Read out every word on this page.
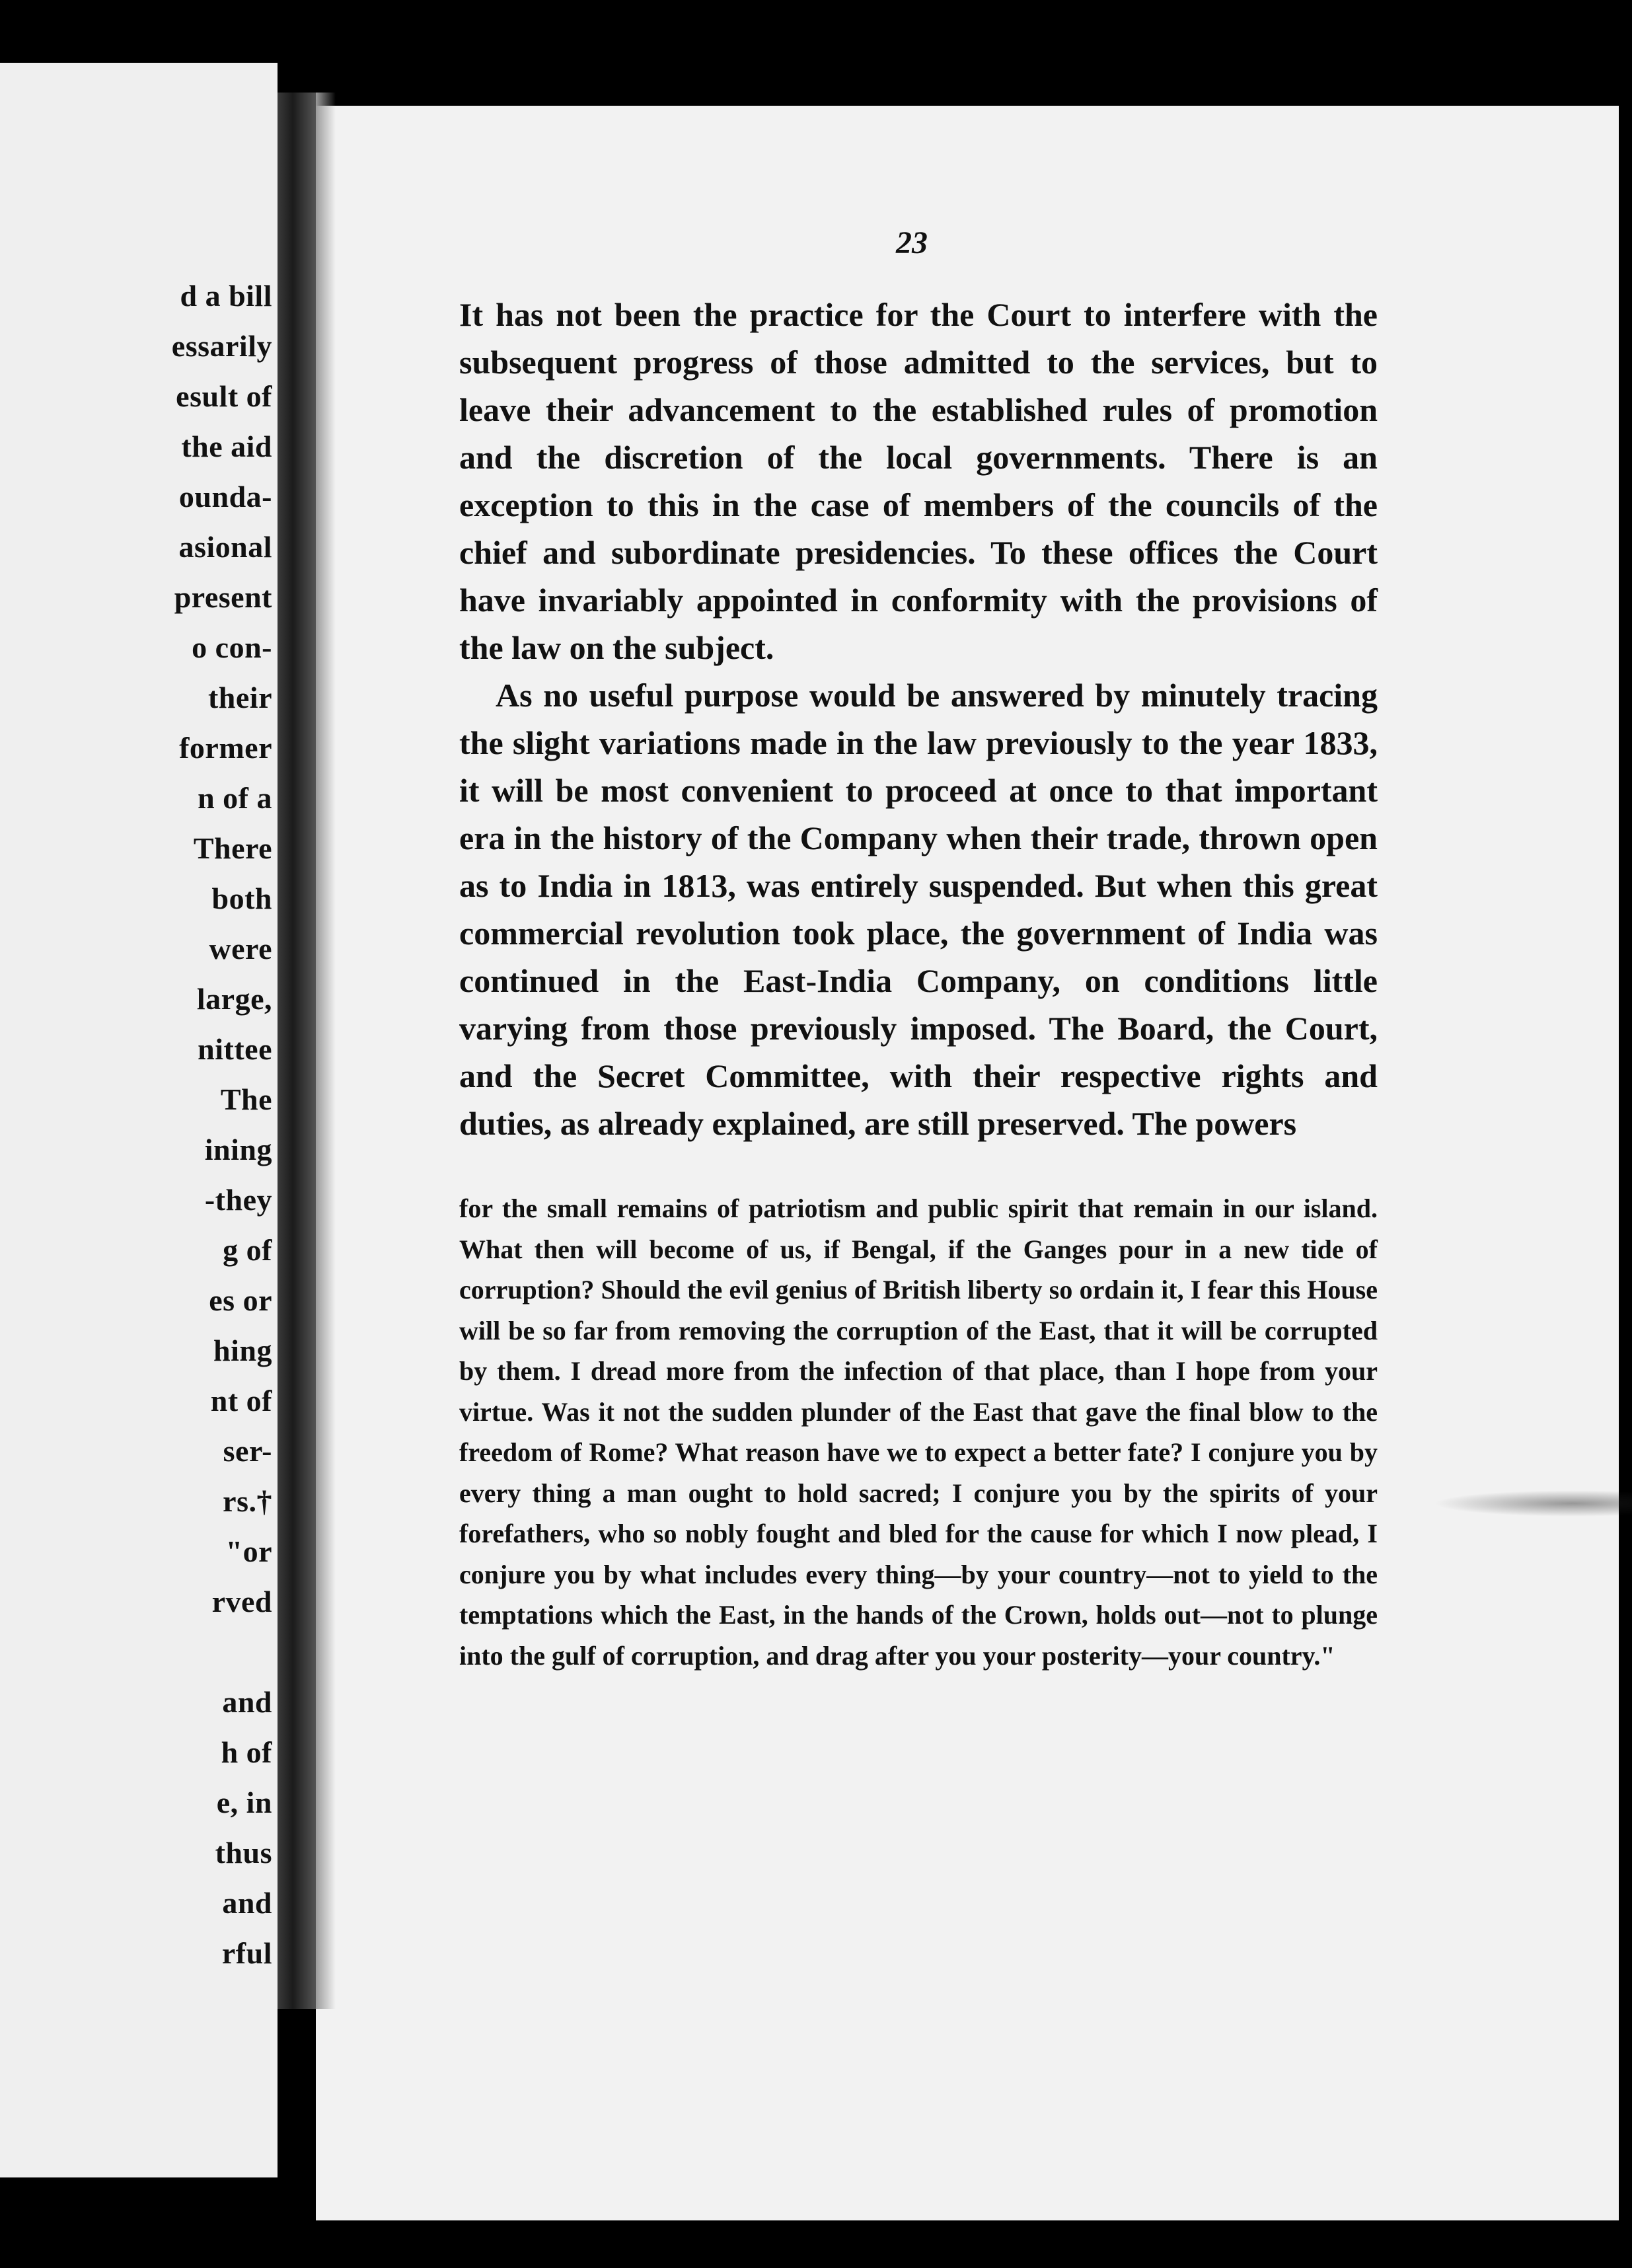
d a bill
essarily
esult of
the aid
ounda-
asional
present
o con-
their
former
n of a
There
both
were
large,
nittee
The
ining
-they
g of
es or
hing
nt of
ser-
rs.†
"or
rved

and
h of
e, in
thus
and
rful
23

It has not been the practice for the Court to interfere with the subsequent progress of those admitted to the services, but to leave their advancement to the established rules of promotion and the discretion of the local governments. There is an exception to this in the case of members of the councils of the chief and subordinate presidencies. To these offices the Court have invariably appointed in conformity with the provisions of the law on the subject.

As no useful purpose would be answered by minutely tracing the slight variations made in the law previously to the year 1833, it will be most convenient to proceed at once to that important era in the history of the Company when their trade, thrown open as to India in 1813, was entirely suspended. But when this great commercial revolution took place, the government of India was continued in the East-India Company, on conditions little varying from those previously imposed. The Board, the Court, and the Secret Committee, with their respective rights and duties, as already explained, are still preserved. The powers

for the small remains of patriotism and public spirit that remain in our island. What then will become of us, if Bengal, if the Ganges pour in a new tide of corruption? Should the evil genius of British liberty so ordain it, I fear this House will be so far from removing the corruption of the East, that it will be corrupted by them. I dread more from the infection of that place, than I hope from your virtue. Was it not the sudden plunder of the East that gave the final blow to the freedom of Rome? What reason have we to expect a better fate? I conjure you by every thing a man ought to hold sacred; I conjure you by the spirits of your forefathers, who so nobly fought and bled for the cause for which I now plead, I conjure you by what includes every thing—by your country—not to yield to the temptations which the East, in the hands of the Crown, holds out—not to plunge into the gulf of corruption, and drag after you your posterity—your country."
